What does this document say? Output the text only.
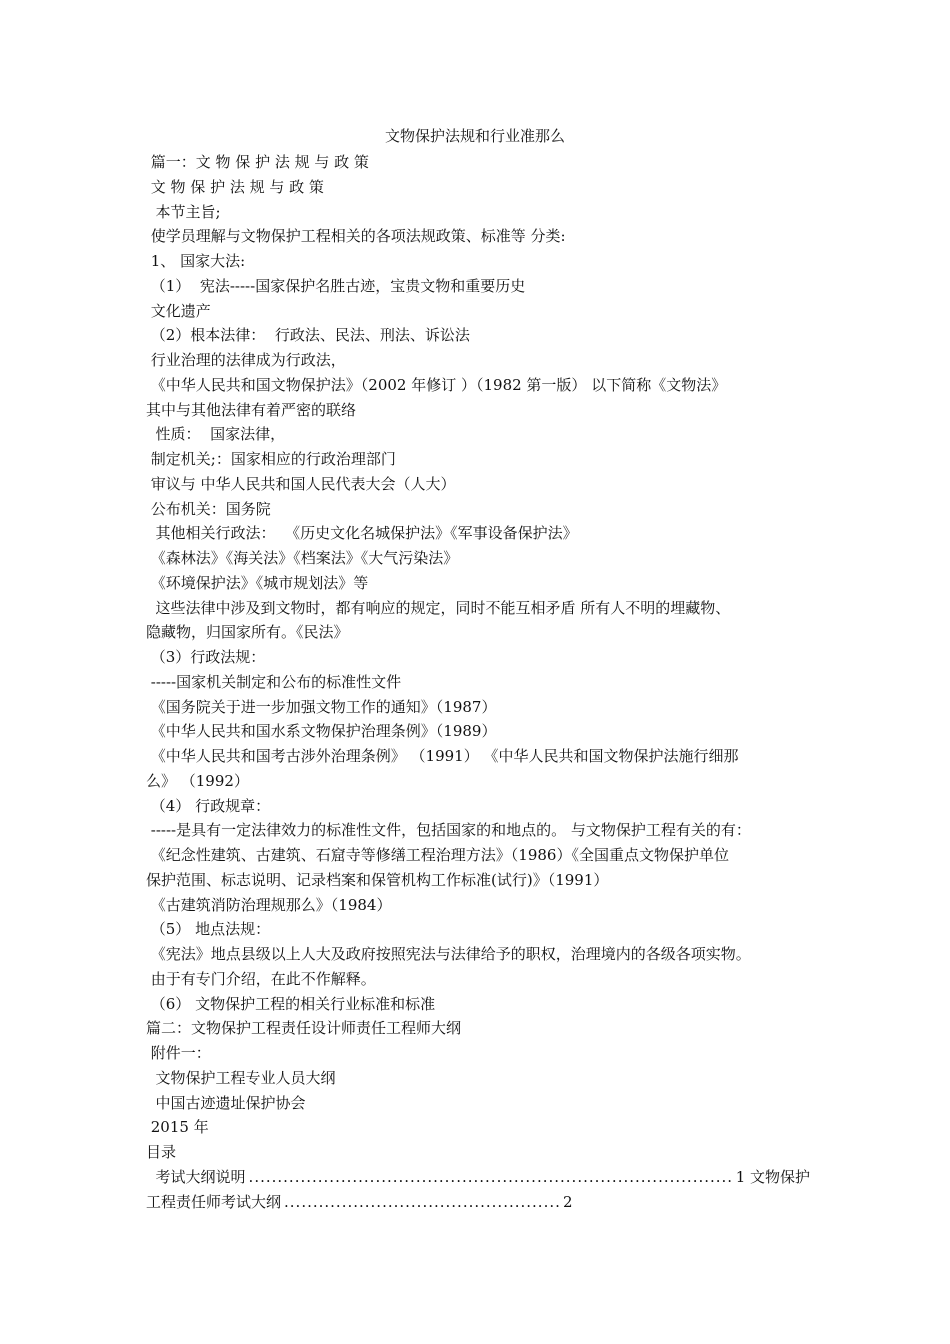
文物保护法规和行业准那么
篇一：文 物 保 护 法 规 与 政 策
文 物 保 护 法 规 与 政 策
本节主旨;
使学员理解与文物保护工程相关的各项法规政策、标准等 分类:
1、 国家大法:
（1）  宪法-----国家保护名胜古迹，宝贵文物和重要历史
文化遗产
（2）根本法律：  行政法、民法、刑法、诉讼法
行业治理的法律成为行政法，
《中华人民共和国文物保护法》（2002 年修订 ）（1982 第一版） 以下简称《文物法》
其中与其他法律有着严密的联络
性质：  国家法律，
制定机关;：国家相应的行政治理部门
审议与 中华人民共和国人民代表大会（人大）
公布机关：国务院
其他相关行政法：  《历史文化名城保护法》《军事设备保护法》
《森林法》《海关法》《档案法》《大气污染法》
《环境保护法》《城市规划法》等
这些法律中涉及到文物时，都有响应的规定，同时不能互相矛盾 所有人不明的埋藏物、
隐藏物，归国家所有。《民法》
（3）行政法规：
-----国家机关制定和公布的标准性文件
《国务院关于进一步加强文物工作的通知》（1987）
《中华人民共和国水系文物保护治理条例》（1989）
《中华人民共和国考古涉外治理条例》 （1991） 《中华人民共和国文物保护法施行细那
么》 （1992）
（4） 行政规章：
-----是具有一定法律效力的标准性文件，包括国家的和地点的。 与文物保护工程有关的有：
《纪念性建筑、古建筑、石窟寺等修缮工程治理方法》（1986）《全国重点文物保护单位
保护范围、标志说明、记录档案和保管机构工作标准(试行)》（1991）
《古建筑消防治理规那么》（1984）
（5） 地点法规：
《宪法》地点县级以上人大及政府按照宪法与法律给予的职权，治理境内的各级各项实物。
由于有专门介绍，在此不作解释。
（6） 文物保护工程的相关行业标准和标准
篇二：文物保护工程责任设计师责任工程师大纲
附件一：
文物保护工程专业人员大纲
中国古迹遗址保护协会
2015 年
目录
考试大纲说明 .....	1 文物保护
工程责任师考试大纲 .....	2
